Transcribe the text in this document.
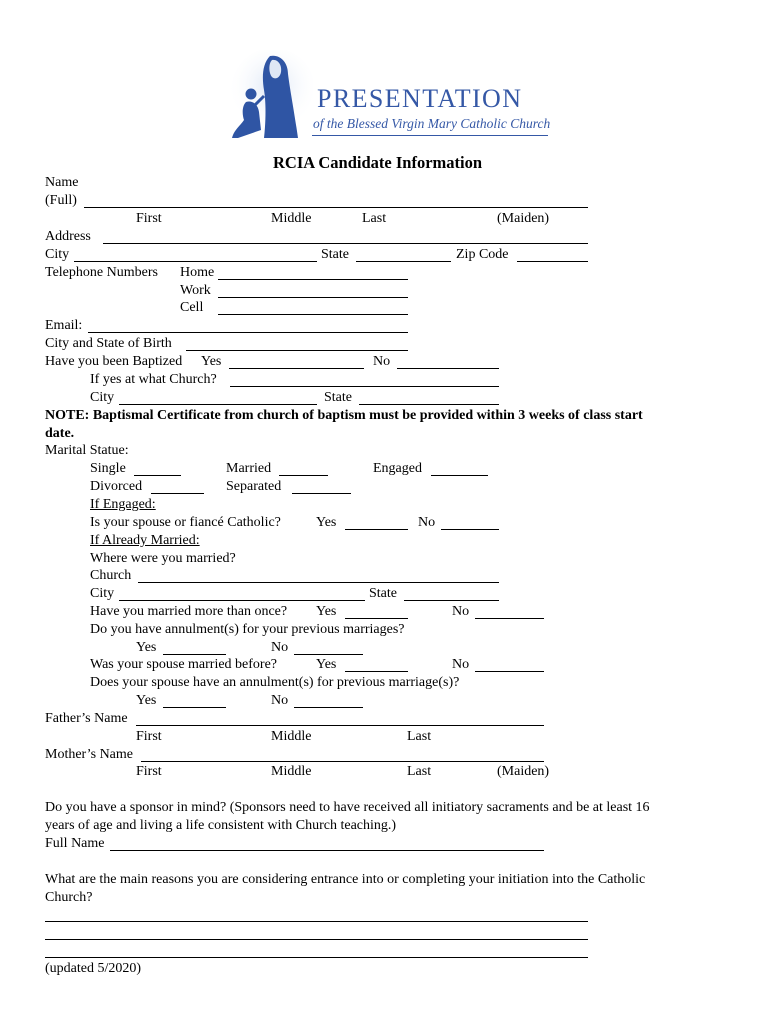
PRESENTATION
of the Blessed Virgin Mary Catholic Church
RCIA Candidate Information
Name
(Full)
First	Middle	Last	(Maiden)
Address
City	State	Zip Code
Telephone Numbers Home
Work
Cell
Email:
City and State of Birth
Have you been Baptized Yes	No
If yes at what Church?
City	State
NOTE: Baptismal Certificate from church of baptism must be provided within 3 weeks of class start
date.
Marital Statue:
Single	Married	Engaged
Divorced	Separated
If Engaged:
Is your spouse or fiancé Catholic?	Yes	No
If Already Married:
Where were you married?
Church
City	State
Have you married more than once? Yes	No
Do you have annulment(s) for your previous marriages?
Yes	No
Was your spouse married before?	Yes	No
Does your spouse have an annulment(s) for previous marriage(s)?
Yes	No
Father’s Name
First	Middle	Last
Mother’s Name
First	Middle	Last	(Maiden)
Do you have a sponsor in mind? (Sponsors need to have received all initiatory sacraments and be at least 16
years of age and living a life consistent with Church teaching.)
Full Name
What are the main reasons you are considering entrance into or completing your initiation into the Catholic
Church?
(updated 5/2020)
